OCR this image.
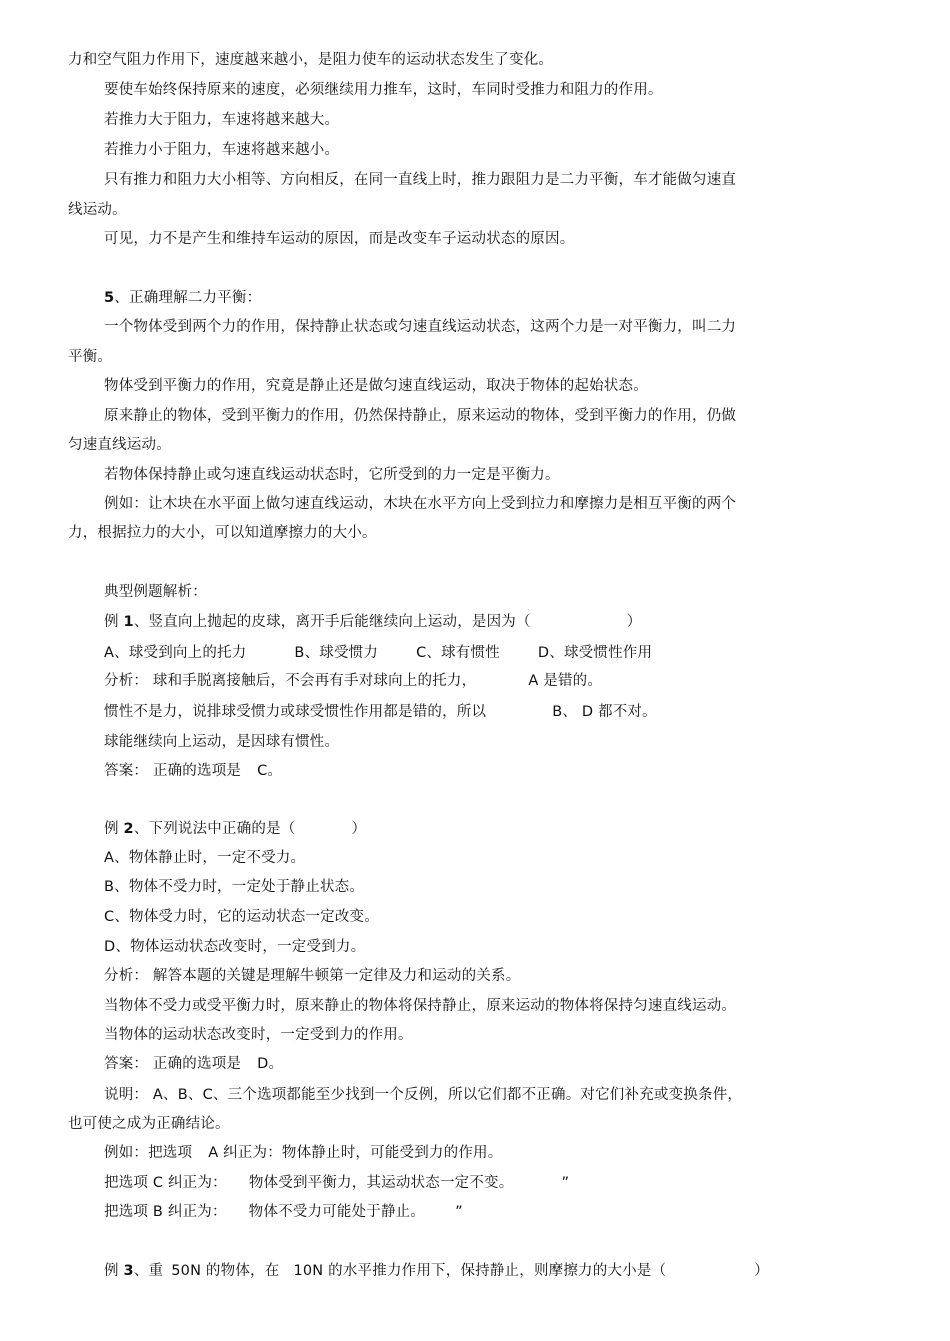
力和空气阻力作用下，速度越来越小，是阻力使车的运动状态发生了变化。
要使车始终保持原来的速度，必须继续用力推车，这时，车同时受推力和阻力的作用。
若推力大于阻力，车速将越来越大。
若推力小于阻力，车速将越来越小。
只有推力和阻力大小相等、方向相反，在同一直线上时，推力跟阻力是二力平衡，车才能做匀速直
线运动。
可见，力不是产生和维持车运动的原因，而是改变车子运动状态的原因。
5、正确理解二力平衡：
一个物体受到两个力的作用，保持静止状态或匀速直线运动状态，这两个力是一对平衡力，叫二力
平衡。
物体受到平衡力的作用，究竟是静止还是做匀速直线运动，取决于物体的起始状态。
原来静止的物体，受到平衡力的作用，仍然保持静止，原来运动的物体，受到平衡力的作用，仍做
匀速直线运动。
若物体保持静止或匀速直线运动状态时，它所受到的力一定是平衡力。
例如：让木块在水平面上做匀速直线运动，木块在水平方向上受到拉力和摩擦力是相互平衡的两个
力，根据拉力的大小，可以知道摩擦力的大小。
典型例题解析：
例 1、竖直向上抛起的皮球，离开手后能继续向上运动，是因为（	）
A、球受到向上的托力	B、球受惯力	C、球有惯性	D、球受惯性作用
分析： 球和手脱离接触后，不会再有手对球向上的托力，	A 是错的。
惯性不是力，说排球受惯力或球受惯性作用都是错的，所以	B、 D 都不对。
球能继续向上运动，是因球有惯性。
答案： 正确的选项是 C。
例 2、下列说法中正确的是（	）
A、物体静止时，一定不受力。
B、物体不受力时，一定处于静止状态。
C、物体受力时，它的运动状态一定改变。
D、物体运动状态改变时，一定受到力。
分析： 解答本题的关键是理解牛顿第一定律及力和运动的关系。
当物体不受力或受平衡力时，原来静止的物体将保持静止，原来运动的物体将保持匀速直线运动。
当物体的运动状态改变时，一定受到力的作用。
答案： 正确的选项是 D。
说明： A、B、C、三个选项都能至少找到一个反例，所以它们都不正确。对它们补充或变换条件，
也可使之成为正确结论。
例如：把选项 A 纠正为：物体静止时，可能受到力的作用。
把选项 C 纠正为： 物体受到平衡力，其运动状态一定不变。	”
把选项 B 纠正为： 物体不受力可能处于静止。 ”
例 3、重 50N 的物体，在 10N 的水平推力作用下，保持静止，则摩擦力的大小是（	）
